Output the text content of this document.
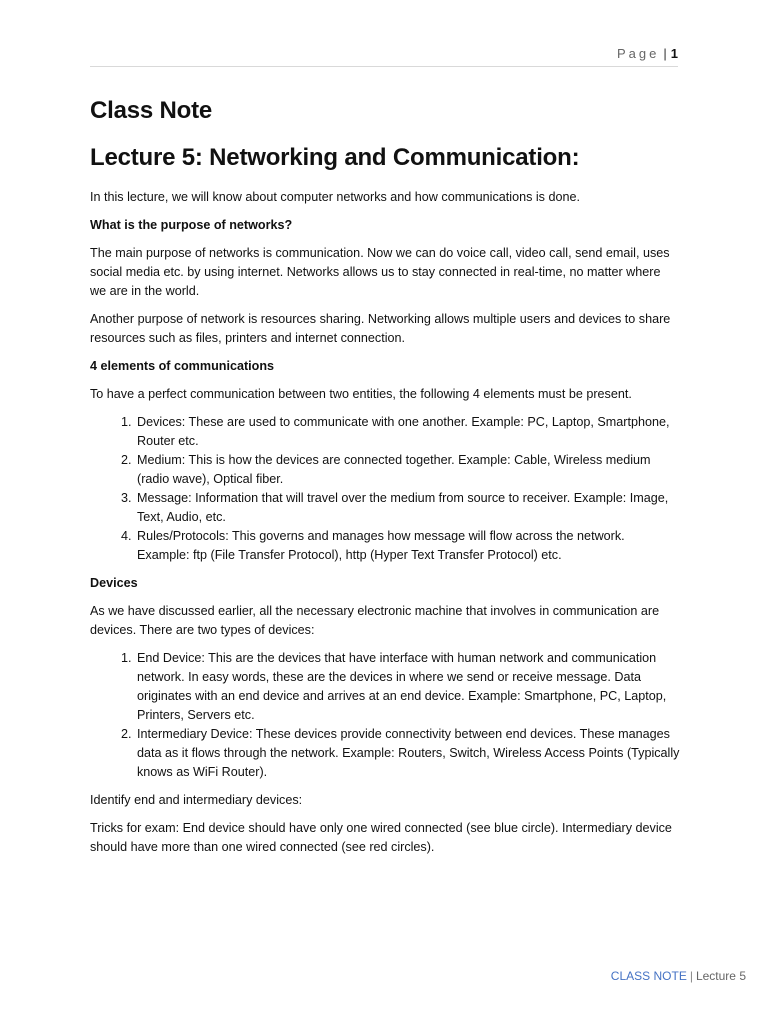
Page | 1
Class Note
Lecture 5: Networking and Communication:

In this lecture, we will know about computer networks and how communications is done.

What is the purpose of networks?

The main purpose of networks is communication. Now we can do voice call, video call, send email, uses social media etc. by using internet. Networks allows us to stay connected in real-time, no matter where we are in the world.

Another purpose of network is resources sharing. Networking allows multiple users and devices to share resources such as files, printers and internet connection.

4 elements of communications

To have a perfect communication between two entities, the following 4 elements must be present.

1. Devices: These are used to communicate with one another. Example: PC, Laptop, Smartphone, Router etc.
2. Medium: This is how the devices are connected together. Example: Cable, Wireless medium (radio wave), Optical fiber.
3. Message: Information that will travel over the medium from source to receiver. Example: Image, Text, Audio, etc.
4. Rules/Protocols: This governs and manages how message will flow across the network. Example: ftp (File Transfer Protocol), http (Hyper Text Transfer Protocol) etc.

Devices

As we have discussed earlier, all the necessary electronic machine that involves in communication are devices. There are two types of devices:

1. End Device: This are the devices that have interface with human network and communication network. In easy words, these are the devices in where we send or receive message. Data originates with an end device and arrives at an end device. Example: Smartphone, PC, Laptop, Printers, Servers etc.
2. Intermediary Device: These devices provide connectivity between end devices. These manages data as it flows through the network. Example: Routers, Switch, Wireless Access Points (Typically knows as WiFi Router).

Identify end and intermediary devices:

Tricks for exam: End device should have only one wired connected (see blue circle). Intermediary device should have more than one wired connected (see red circles).

CLASS NOTE | Lecture 5
